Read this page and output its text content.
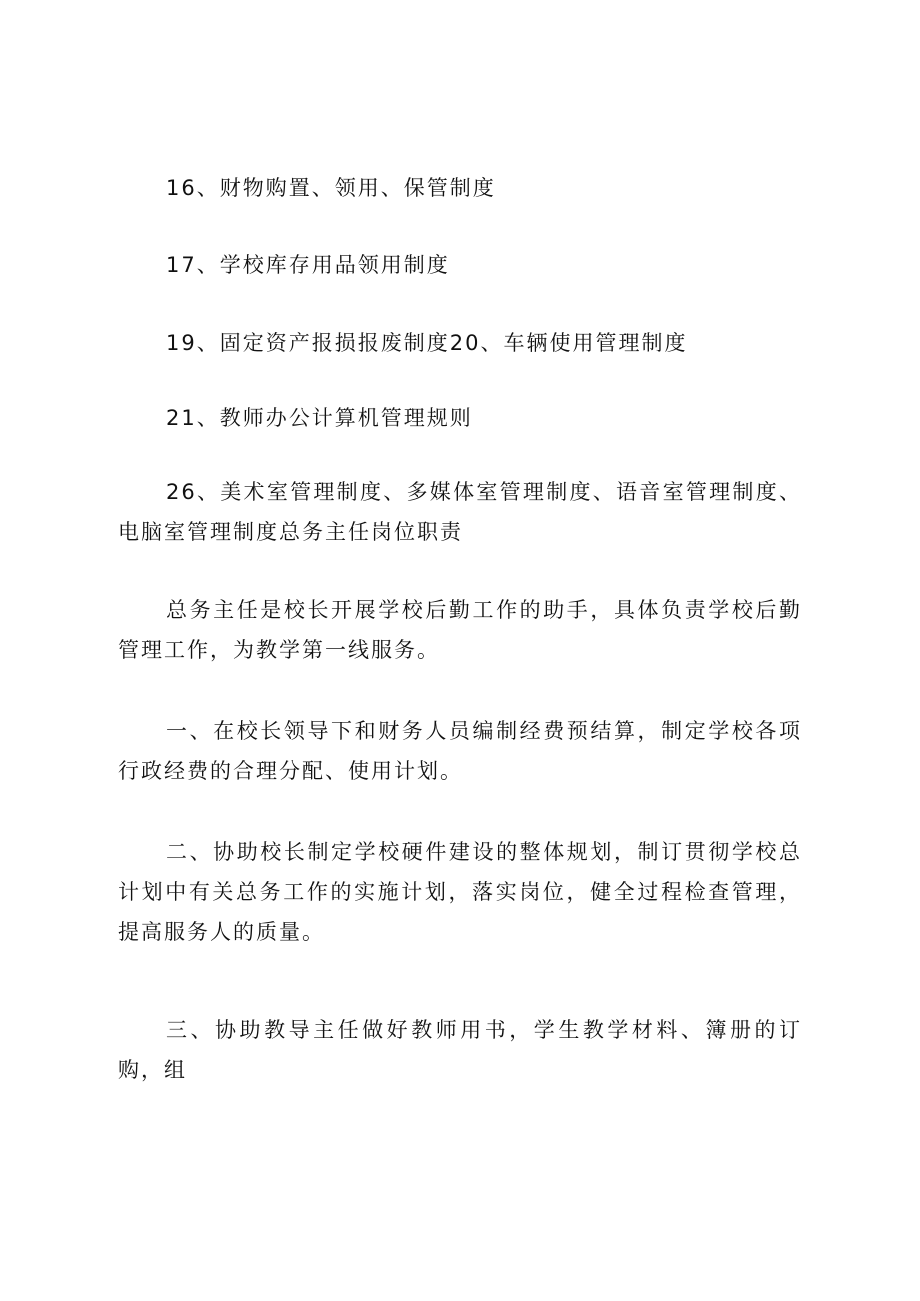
16、财物购置、领用、保管制度

17、学校库存用品领用制度

19、固定资产报损报废制度20、车辆使用管理制度

21、教师办公计算机管理规则

26、美术室管理制度、多媒体室管理制度、语音室管理制度、电脑室管理制度总务主任岗位职责

总务主任是校长开展学校后勤工作的助手，具体负责学校后勤管理工作，为教学第一线服务。

一、在校长领导下和财务人员编制经费预结算，制定学校各项行政经费的合理分配、使用计划。

二、协助校长制定学校硬件建设的整体规划，制订贯彻学校总计划中有关总务工作的实施计划，落实岗位，健全过程检查管理，提高服务人的质量。

三、协助教导主任做好教师用书，学生教学材料、簿册的订购，组
